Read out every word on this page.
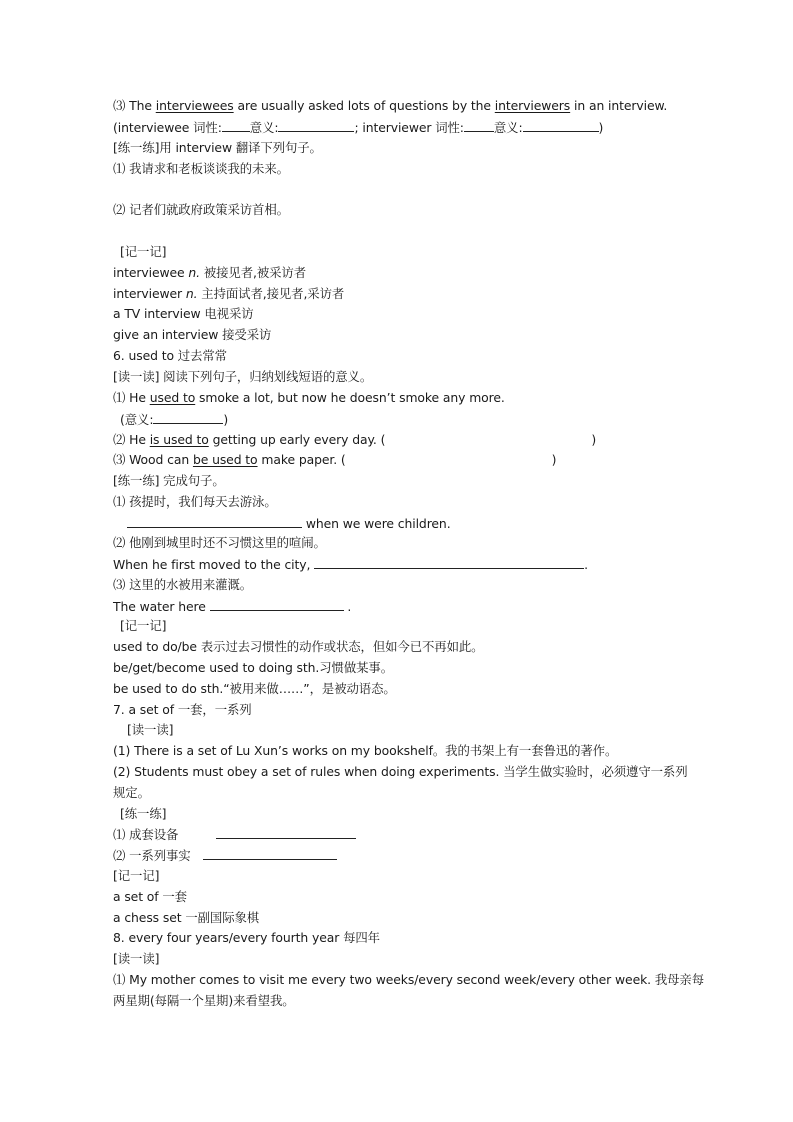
⑶ The interviewees are usually asked lots of questions by the interviewers in an interview.
(interviewee 词性: 意义:	; interviewer 词性: 意义:	)
[练一练]用 interview 翻译下列句子。
⑴ 我请求和老板谈谈我的未来。
⑵ 记者们就政府政策采访首相。
[记一记]
interviewee n. 被接见者,被采访者
interviewer n. 主持面试者,接见者,采访者
a TV interview 电视采访
give an interview 接受采访
6. used to 过去常常
[读一读] 阅读下列句子，归纳划线短语的意义。
⑴ He used to smoke a lot, but now he doesn’t smoke any more.
(意义:	)
⑵ He is used to getting up early every day. (	)
⑶ Wood can be used to make paper. (	)
[练一练] 完成句子。
⑴ 孩提时，我们每天去游泳。
when we were children.
⑵ 他刚到城里时还不习惯这里的喧闹。
When he first moved to the city,	.
⑶ 这里的水被用来灌溉。
The water here	.
[记一记]
used to do/be 表示过去习惯性的动作或状态，但如今已不再如此。
be/get/become used to doing sth.习惯做某事。
be used to do sth.“被用来做……”，是被动语态。
7. a set of 一套，一系列
[读一读]
(1) There is a set of Lu Xun’s works on my bookshelf。我的书架上有一套鲁迅的著作。
(2) Students must obey a set of rules when doing experiments. 当学生做实验时，必须遵守一系列
规定。
[练一练]
⑴ 成套设备
⑵ 一系列事实
[记一记]
a set of 一套
a chess set 一副国际象棋
8. every four years/every fourth year 每四年
[读一读]
⑴ My mother comes to visit me every two weeks/every second week/every other week. 我母亲每
两星期(每隔一个星期)来看望我。
